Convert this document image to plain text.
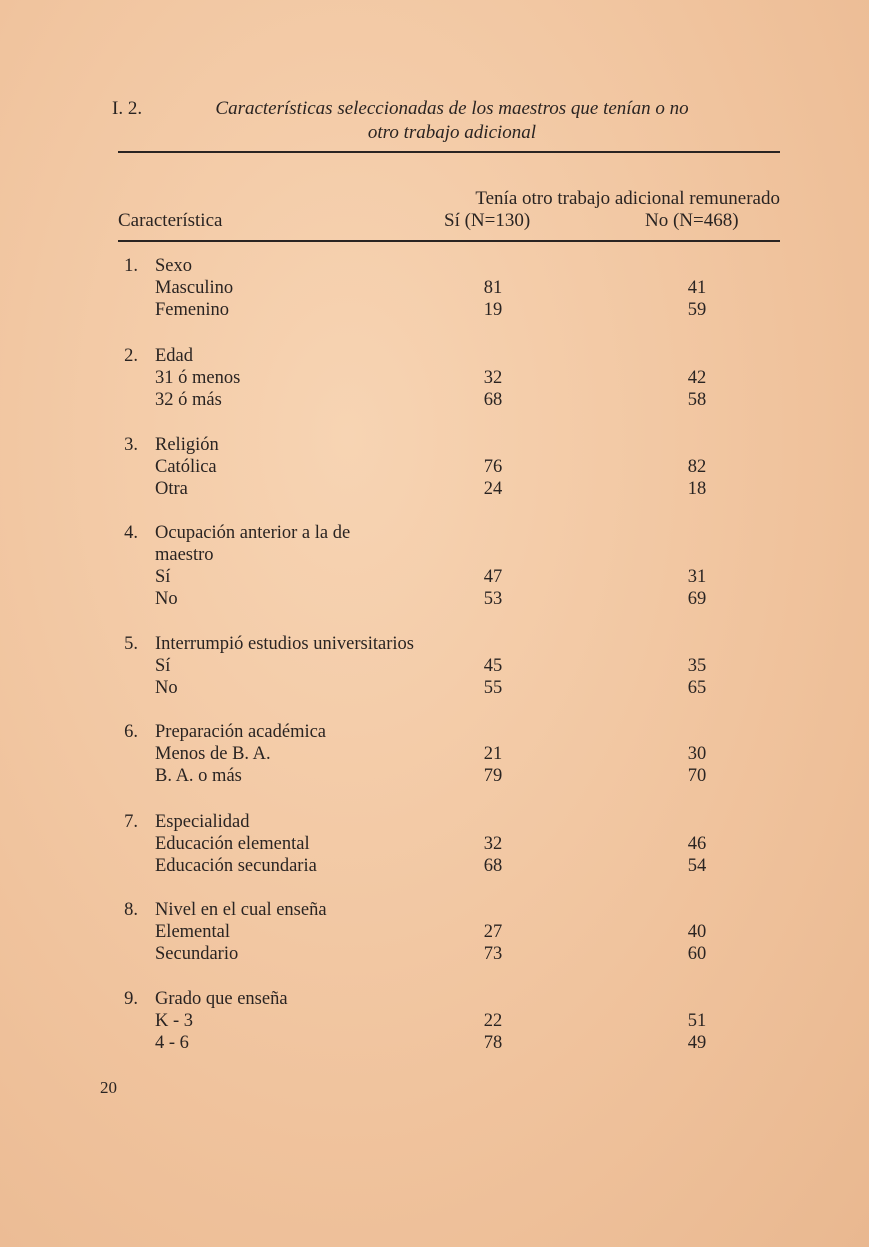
I. 2.	Características seleccionadas de los maestros que tenían o no
otro trabajo adicional
Tenía otro trabajo adicional remunerado
Característica	Sí (N=130)	No (N=468)
1. Sexo
Masculino	81	41
Femenino	19	59
2. Edad
31 ó menos	32	42
32 ó más	68	58
3. Religión
Católica	76	82
Otra	24	18
4. Ocupación anterior a la de
maestro
Sí	47	31
No	53	69
5. Interrumpió estudios universitarios
Sí	45	35
No	55	65
6. Preparación académica
Menos de B. A.	21	30
B. A. o más	79	70
7. Especialidad
Educación elemental	32	46
Educación secundaria	68	54
8. Nivel en el cual enseña
Elemental	27	40
Secundario	73	60
9. Grado que enseña
K - 3	22	51
4 - 6	78	49
20
